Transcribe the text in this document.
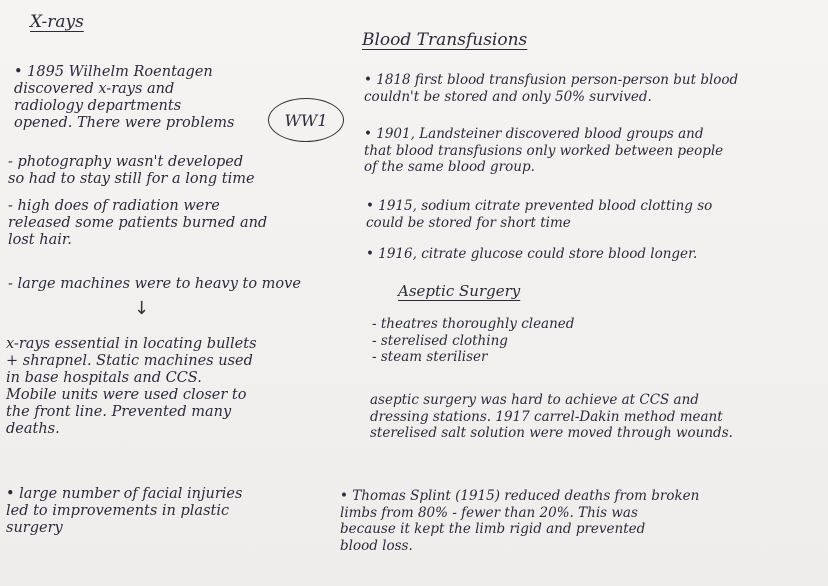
X-rays

• 1895 Wilhelm Roentagen
discovered x-rays and
radiology departments
opened. There were problems	WW1

- photography wasn't developed
so had to stay still for a long time

- high does of radiation were
released some patients burned and
lost hair.

- large machines were to heavy to move

↓

x-rays essential in locating bullets
+ shrapnel. Static machines used
in base hospitals and CCS.
Mobile units were used closer to
the front line. Prevented many
deaths.

• large number of facial injuries
led to improvements in plastic
surgery

Blood Transfusions

• 1818 first blood transfusion person-person but blood
couldn't be stored and only 50% survived.

• 1901, Landsteiner discovered blood groups and
that blood transfusions only worked between people
of the same blood group.

• 1915, sodium citrate prevented blood clotting so
could be stored for short time

• 1916, citrate glucose could store blood longer.

Aseptic Surgery

- theatres thoroughly cleaned
- sterelised clothing
- steam steriliser

aseptic surgery was hard to achieve at CCS and
dressing stations. 1917 carrel-Dakin method meant
sterelised salt solution were moved through wounds.

• Thomas Splint (1915) reduced deaths from broken
limbs from 80% - fewer than 20%. This was
because it kept the limb rigid and prevented
blood loss.
